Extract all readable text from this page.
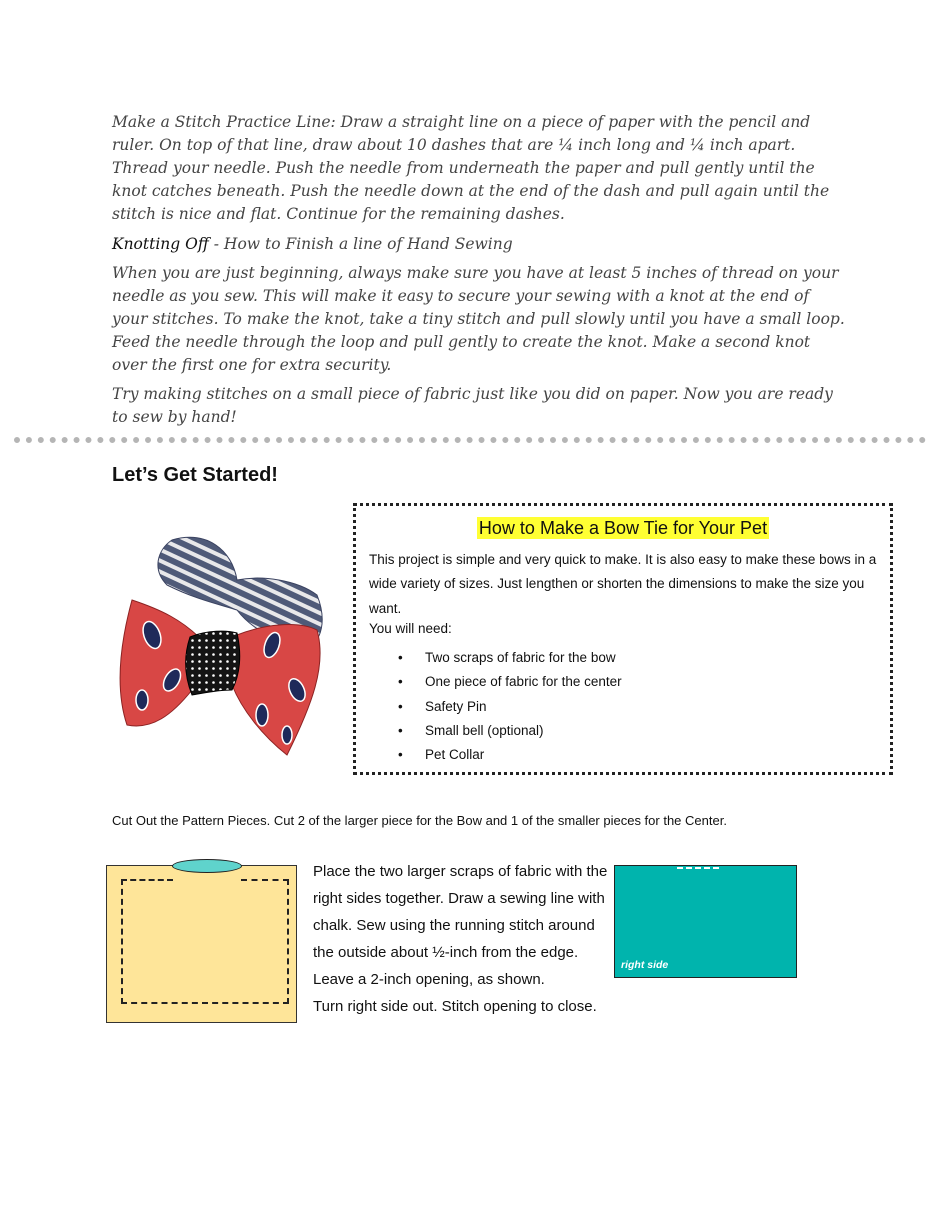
Make a Stitch Practice Line: Draw a straight line on a piece of paper with the pencil and ruler. On top of that line, draw about 10 dashes that are ¼ inch long and ¼ inch apart. Thread your needle. Push the needle from underneath the paper and pull gently until the knot catches beneath. Push the needle down at the end of the dash and pull again until the stitch is nice and flat. Continue for the remaining dashes.

Knotting Off - How to Finish a line of Hand Sewing

When you are just beginning, always make sure you have at least 5 inches of thread on your needle as you sew. This will make it easy to secure your sewing with a knot at the end of your stitches. To make the knot, take a tiny stitch and pull slowly until you have a small loop. Feed the needle through the loop and pull gently to create the knot. Make a second knot over the first one for extra security.

Try making stitches on a small piece of fabric just like you did on paper. Now you are ready to sew by hand!

Let’s Get Started!
How to Make a Bow Tie for Your Pet

This project is simple and very quick to make. It is also easy to make these bows in a wide variety of sizes. Just lengthen or shorten the dimensions to make the size you want.

You will need:

• Two scraps of fabric for the bow
• One piece of fabric for the center
• Safety Pin
• Small bell (optional)
• Pet Collar

Cut Out the Pattern Pieces. Cut 2 of the larger piece for the Bow and 1 of the smaller pieces for the Center.

Place the two larger scraps of fabric with the right sides together. Draw a sewing line with chalk. Sew using the running stitch around the outside about ½-inch from the edge. Leave a 2-inch opening, as shown.
Turn right side out. Stitch opening to close.
right side
